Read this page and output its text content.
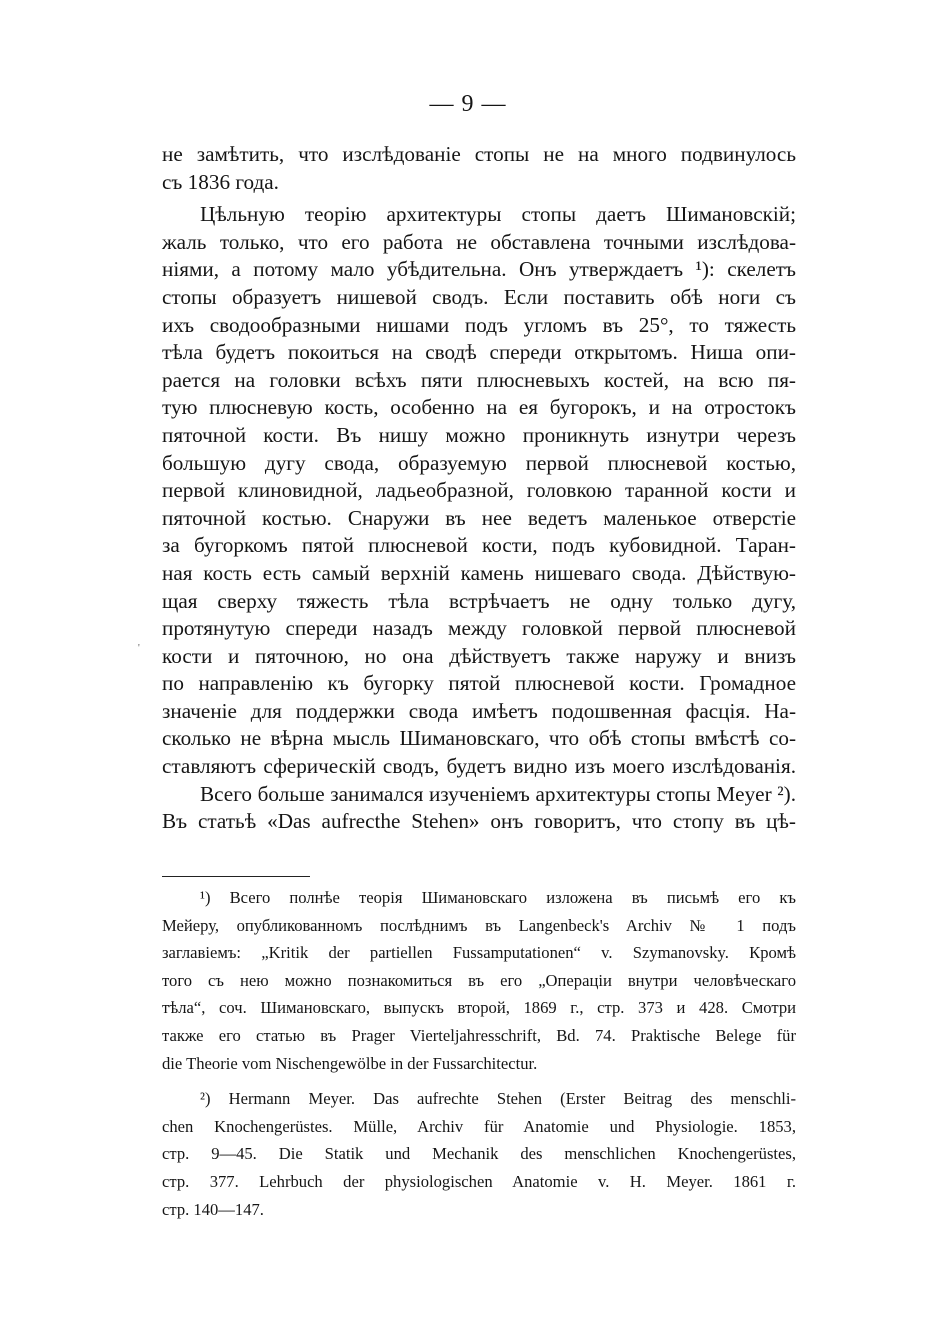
— 9 —
не замѣтить, что изслѣдованіе стопы не на много подвинулось
съ 1836 года.
Цѣльную теорію архитектуры стопы даетъ Шимановскій;
жаль только, что его работа не обставлена точными изслѣдова-
ніями, а потому мало убѣдительна. Онъ утверждаетъ ¹): скелетъ
стопы образуетъ нишевой сводъ. Если поставить обѣ ноги съ
ихъ сводообразными нишами подъ угломъ въ 25°, то тяжесть
тѣла будетъ покоиться на сводѣ спереди открытомъ. Ниша опи-
рается на головки всѣхъ пяти плюсневыхъ костей, на всю пя-
тую плюсневую кость, особенно на ея бугорокъ, и на отростокъ
пяточной кости. Въ нишу можно проникнуть изнутри черезъ
большую дугу свода, образуемую первой плюсневой костью,
первой клиновидной, ладьеобразной, головкою таранной кости и
пяточной костью. Снаружи въ нее ведетъ маленькое отверстіе
за бугоркомъ пятой плюсневой кости, подъ кубовидной. Таран-
ная кость есть самый верхній камень нишеваго свода. Дѣйствую-
щая сверху тяжесть тѣла встрѣчаетъ не одну только дугу,
протянутую спереди назадъ между головкой первой плюсневой
кости и пяточною, но она дѣйствуетъ также наружу и внизъ
по направленію къ бугорку пятой плюсневой кости. Громадное
значеніе для поддержки свода имѣетъ подошвенная фасція. На-
сколько не вѣрна мысль Шимановскаго, что обѣ стопы вмѣстѣ со-
ставляютъ сферическій сводъ, будетъ видно изъ моего изслѣдованія.
Всего больше занимался изученіемъ архитектуры стопы Meyer ²).
Въ статьѣ «Das aufrecthe Stehen» онъ говоритъ, что стопу въ цѣ-
¹) Всего полнѣе теорія Шимановскаго изложена въ письмѣ его къ
Мейеру, опубликованномъ послѣднимъ въ Langenbeck's Archiv № 1 подъ
заглавіемъ: „Kritik der partiellen Fussamputationen“ v. Szymanovsky. Кромѣ
того съ нею можно познакомиться въ его „Операціи внутри человѣческаго
тѣла“, соч. Шимановскаго, выпускъ второй, 1869 г., стр. 373 и 428. Смотри
также его статью въ Prager Vierteljahresschrift, Bd. 74. Praktische Belege für
die Theorie vom Nischengewölbe in der Fussarchitectur.
²) Hermann Meyer. Das aufrechte Stehen (Erster Beitrag des menschli-
chen Knochengerüstes. Mülle, Archiv für Anatomie und Physiologie. 1853,
стр. 9—45. Die Statik und Mechanik des menschlichen Knochengerüstes,
стр. 377. Lehrbuch der physiologischen Anatomie v. H. Meyer. 1861 г.
стр. 140—147.
'
